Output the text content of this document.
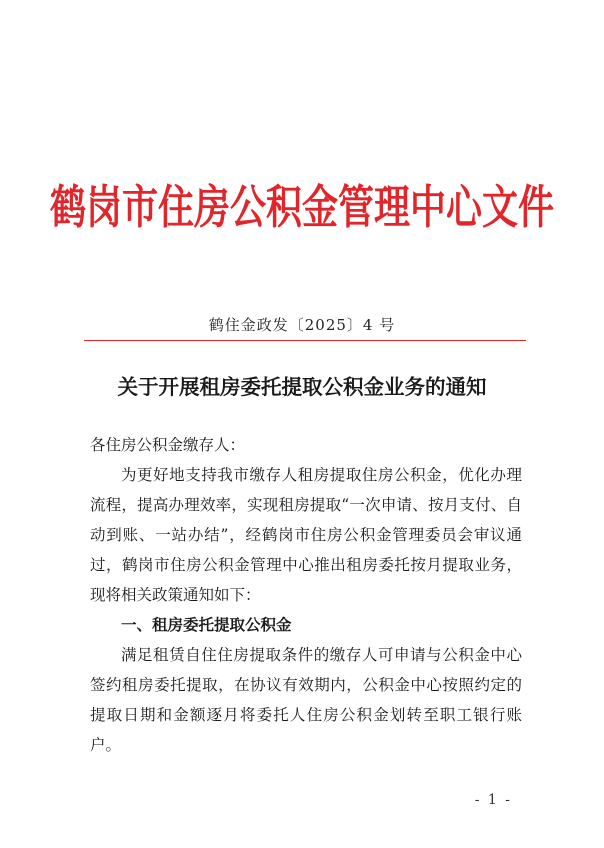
鹤岗市住房公积金管理中心文件
鹤住金政发〔2025〕4 号
关于开展租房委托提取公积金业务的通知

各住房公积金缴存人：

为更好地支持我市缴存人租房提取住房公积金，优化办理流程，提高办理效率，实现租房提取“一次申请、按月支付、自动到账、一站办结”，经鹤岗市住房公积金管理委员会审议通过，鹤岗市住房公积金管理中心推出租房委托按月提取业务，现将相关政策通知如下：

一、租房委托提取公积金

满足租赁自住住房提取条件的缴存人可申请与公积金中心签约租房委托提取，在协议有效期内，公积金中心按照约定的提取日期和金额逐月将委托人住房公积金划转至职工银行账户。

- 1 -
